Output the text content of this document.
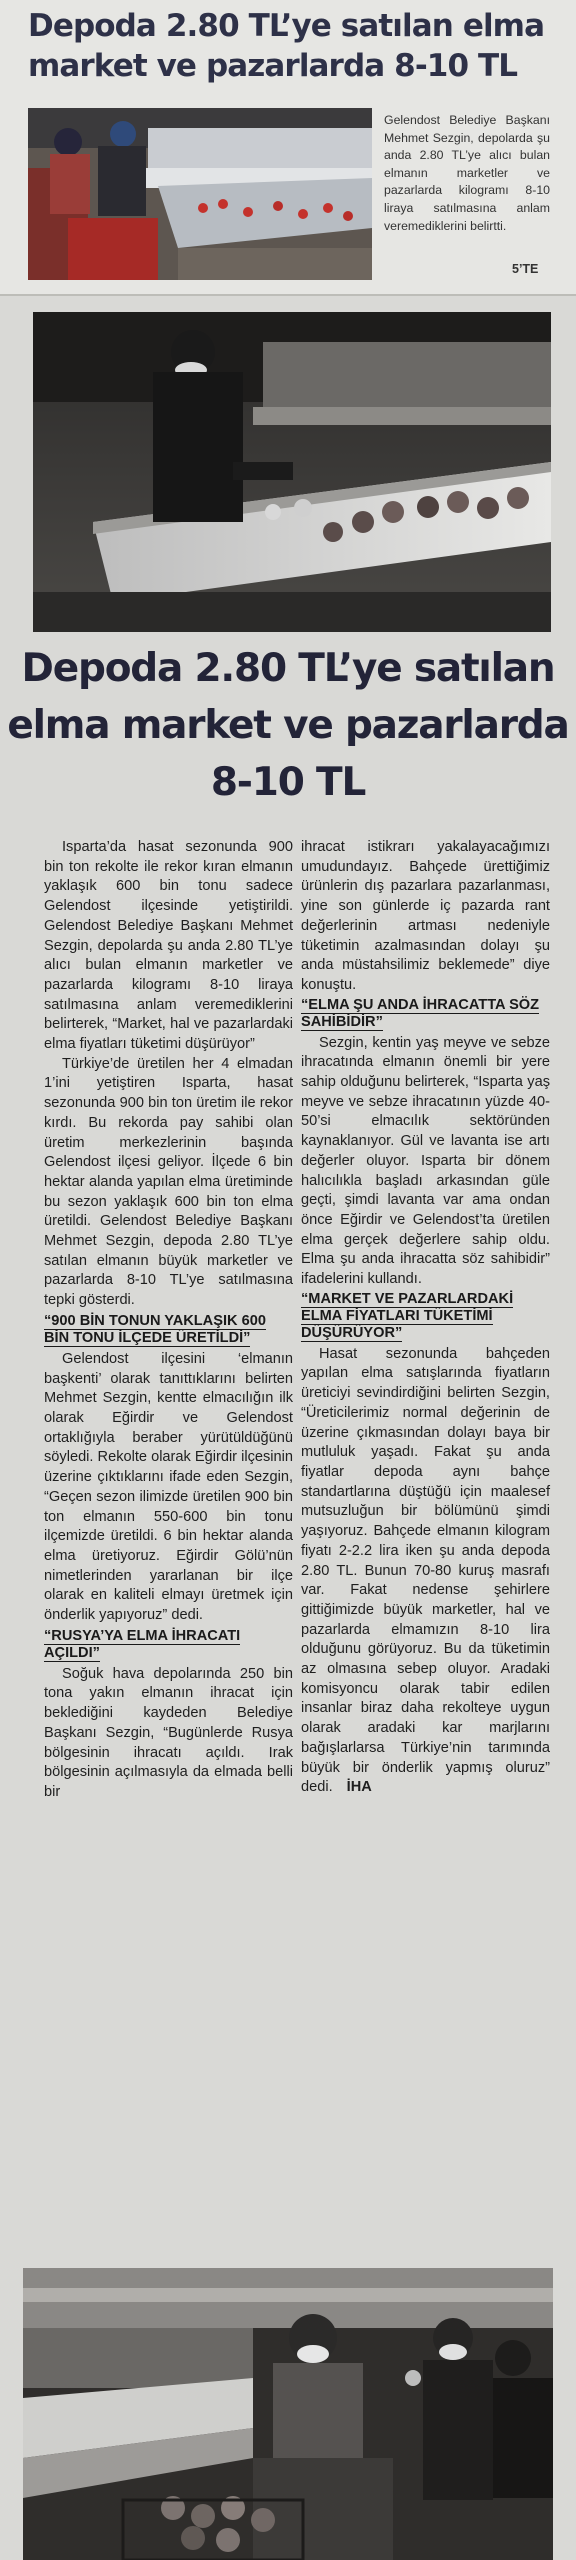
Depoda 2.80 TL’ye satılan elma market ve pazarlarda 8-10 TL
Gelendost Belediye Başkanı Mehmet Sezgin, depolarda şu anda 2.80 TL’ye alıcı bulan elmanın marketler ve pazarlarda kilogramı 8-10 liraya satılmasına anlam veremediklerini belirtti.
5’TE
Depoda 2.80 TL’ye satılan elma market ve pazarlarda 8-10 TL

Isparta’da hasat sezonunda 900 bin ton rekolte ile rekor kıran elmanın yaklaşık 600 bin tonu sadece Gelendost ilçesinde yetiştirildi. Gelendost Belediye Başkanı Mehmet Sezgin, depolarda şu anda 2.80 TL’ye alıcı bulan elmanın marketler ve pazarlarda kilogramı 8-10 liraya satılmasına anlam veremediklerini belirterek, “Market, hal ve pazarlardaki elma fiyatları tüketimi düşürüyor”

Türkiye’de üretilen her 4 elmadan 1’ini yetiştiren Isparta, hasat sezonunda 900 bin ton üretim ile rekor kırdı. Bu rekorda pay sahibi olan üretim merkezlerinin başında Gelendost ilçesi geliyor. İlçede 6 bin hektar alanda yapılan elma üretiminde bu sezon yaklaşık 600 bin ton elma üretildi. Gelendost Belediye Başkanı Mehmet Sezgin, depoda 2.80 TL’ye satılan elmanın büyük marketler ve pazarlarda 8-10 TL’ye satılmasına tepki gösterdi.

“900 BİN TONUN YAKLAŞIK 600 BİN TONU İLÇEDE ÜRETİLDİ”

Gelendost ilçesini ‘elmanın başkenti’ olarak tanıttıklarını belirten Mehmet Sezgin, kentte elmacılığın ilk olarak Eğirdir ve Gelendost ortaklığıyla beraber yürütüldüğünü söyledi. Rekolte olarak Eğirdir ilçesinin üzerine çıktıklarını ifade eden Sezgin, “Geçen sezon ilimizde üretilen 900 bin ton elmanın 550-600 bin tonu ilçemizde üretildi. 6 bin hektar alanda elma üretiyoruz. Eğirdir Gölü’nün nimetlerinden yararlanan bir ilçe olarak en kaliteli elmayı üretmek için önderlik yapıyoruz” dedi.

“RUSYA’YA ELMA İHRACATI AÇILDI”

Soğuk hava depolarında 250 bin tona yakın elmanın ihracat için beklediğini kaydeden Belediye Başkanı Sezgin, “Bugünlerde Rusya bölgesinin ihracatı açıldı. Irak bölgesinin açılmasıyla da elmada belli bir

ihracat istikrarı yakalayacağımızı umudundayız. Bahçede ürettiğimiz ürünlerin dış pazarlara pazarlanması, yine son günlerde iç pazarda rant değerlerinin artması nedeniyle tüketimin azalmasından dolayı şu anda müstahsilimiz beklemede” diye konuştu.

“ELMA ŞU ANDA İHRACATTA SÖZ SAHİBİDİR”

Sezgin, kentin yaş meyve ve sebze ihracatında elmanın önemli bir yere sahip olduğunu belirterek, “Isparta yaş meyve ve sebze ihracatının yüzde 40-50’si elmacılık sektöründen kaynaklanıyor. Gül ve lavanta ise artı değerler oluyor. Isparta bir dönem halıcılıkla başladı arkasından güle geçti, şimdi lavanta var ama ondan önce Eğirdir ve Gelendost’ta üretilen elma gerçek değerlere sahip oldu. Elma şu anda ihracatta söz sahibidir” ifadelerini kullandı.

“MARKET VE PAZARLARDAKİ ELMA FİYATLARI TÜKETİMİ DÜŞÜRÜYOR”

Hasat sezonunda bahçeden yapılan elma satışlarında fiyatların üreticiyi sevindirdiğini belirten Sezgin, “Üreticilerimiz normal değerinin de üzerine çıkmasından dolayı baya bir mutluluk yaşadı. Fakat şu anda fiyatlar depoda aynı bahçe standartlarına düştüğü için maalesef mutsuzluğun bir bölümünü şimdi yaşıyoruz. Bahçede elmanın kilogram fiyatı 2-2.2 lira iken şu anda depoda 2.80 TL. Bunun 70-80 kuruş masrafı var. Fakat nedense şehirlere gittiğimizde büyük marketler, hal ve pazarlarda elmamızın 8-10 lira olduğunu görüyoruz. Bu da tüketimin az olmasına sebep oluyor. Aradaki komisyoncu olarak tabir edilen insanlar biraz daha rekolteye uygun olarak aradaki kar marjlarını bağışlarlarsa Türkiye’nin tarımında büyük bir önderlik yapmış oluruz” dedi. İHA
